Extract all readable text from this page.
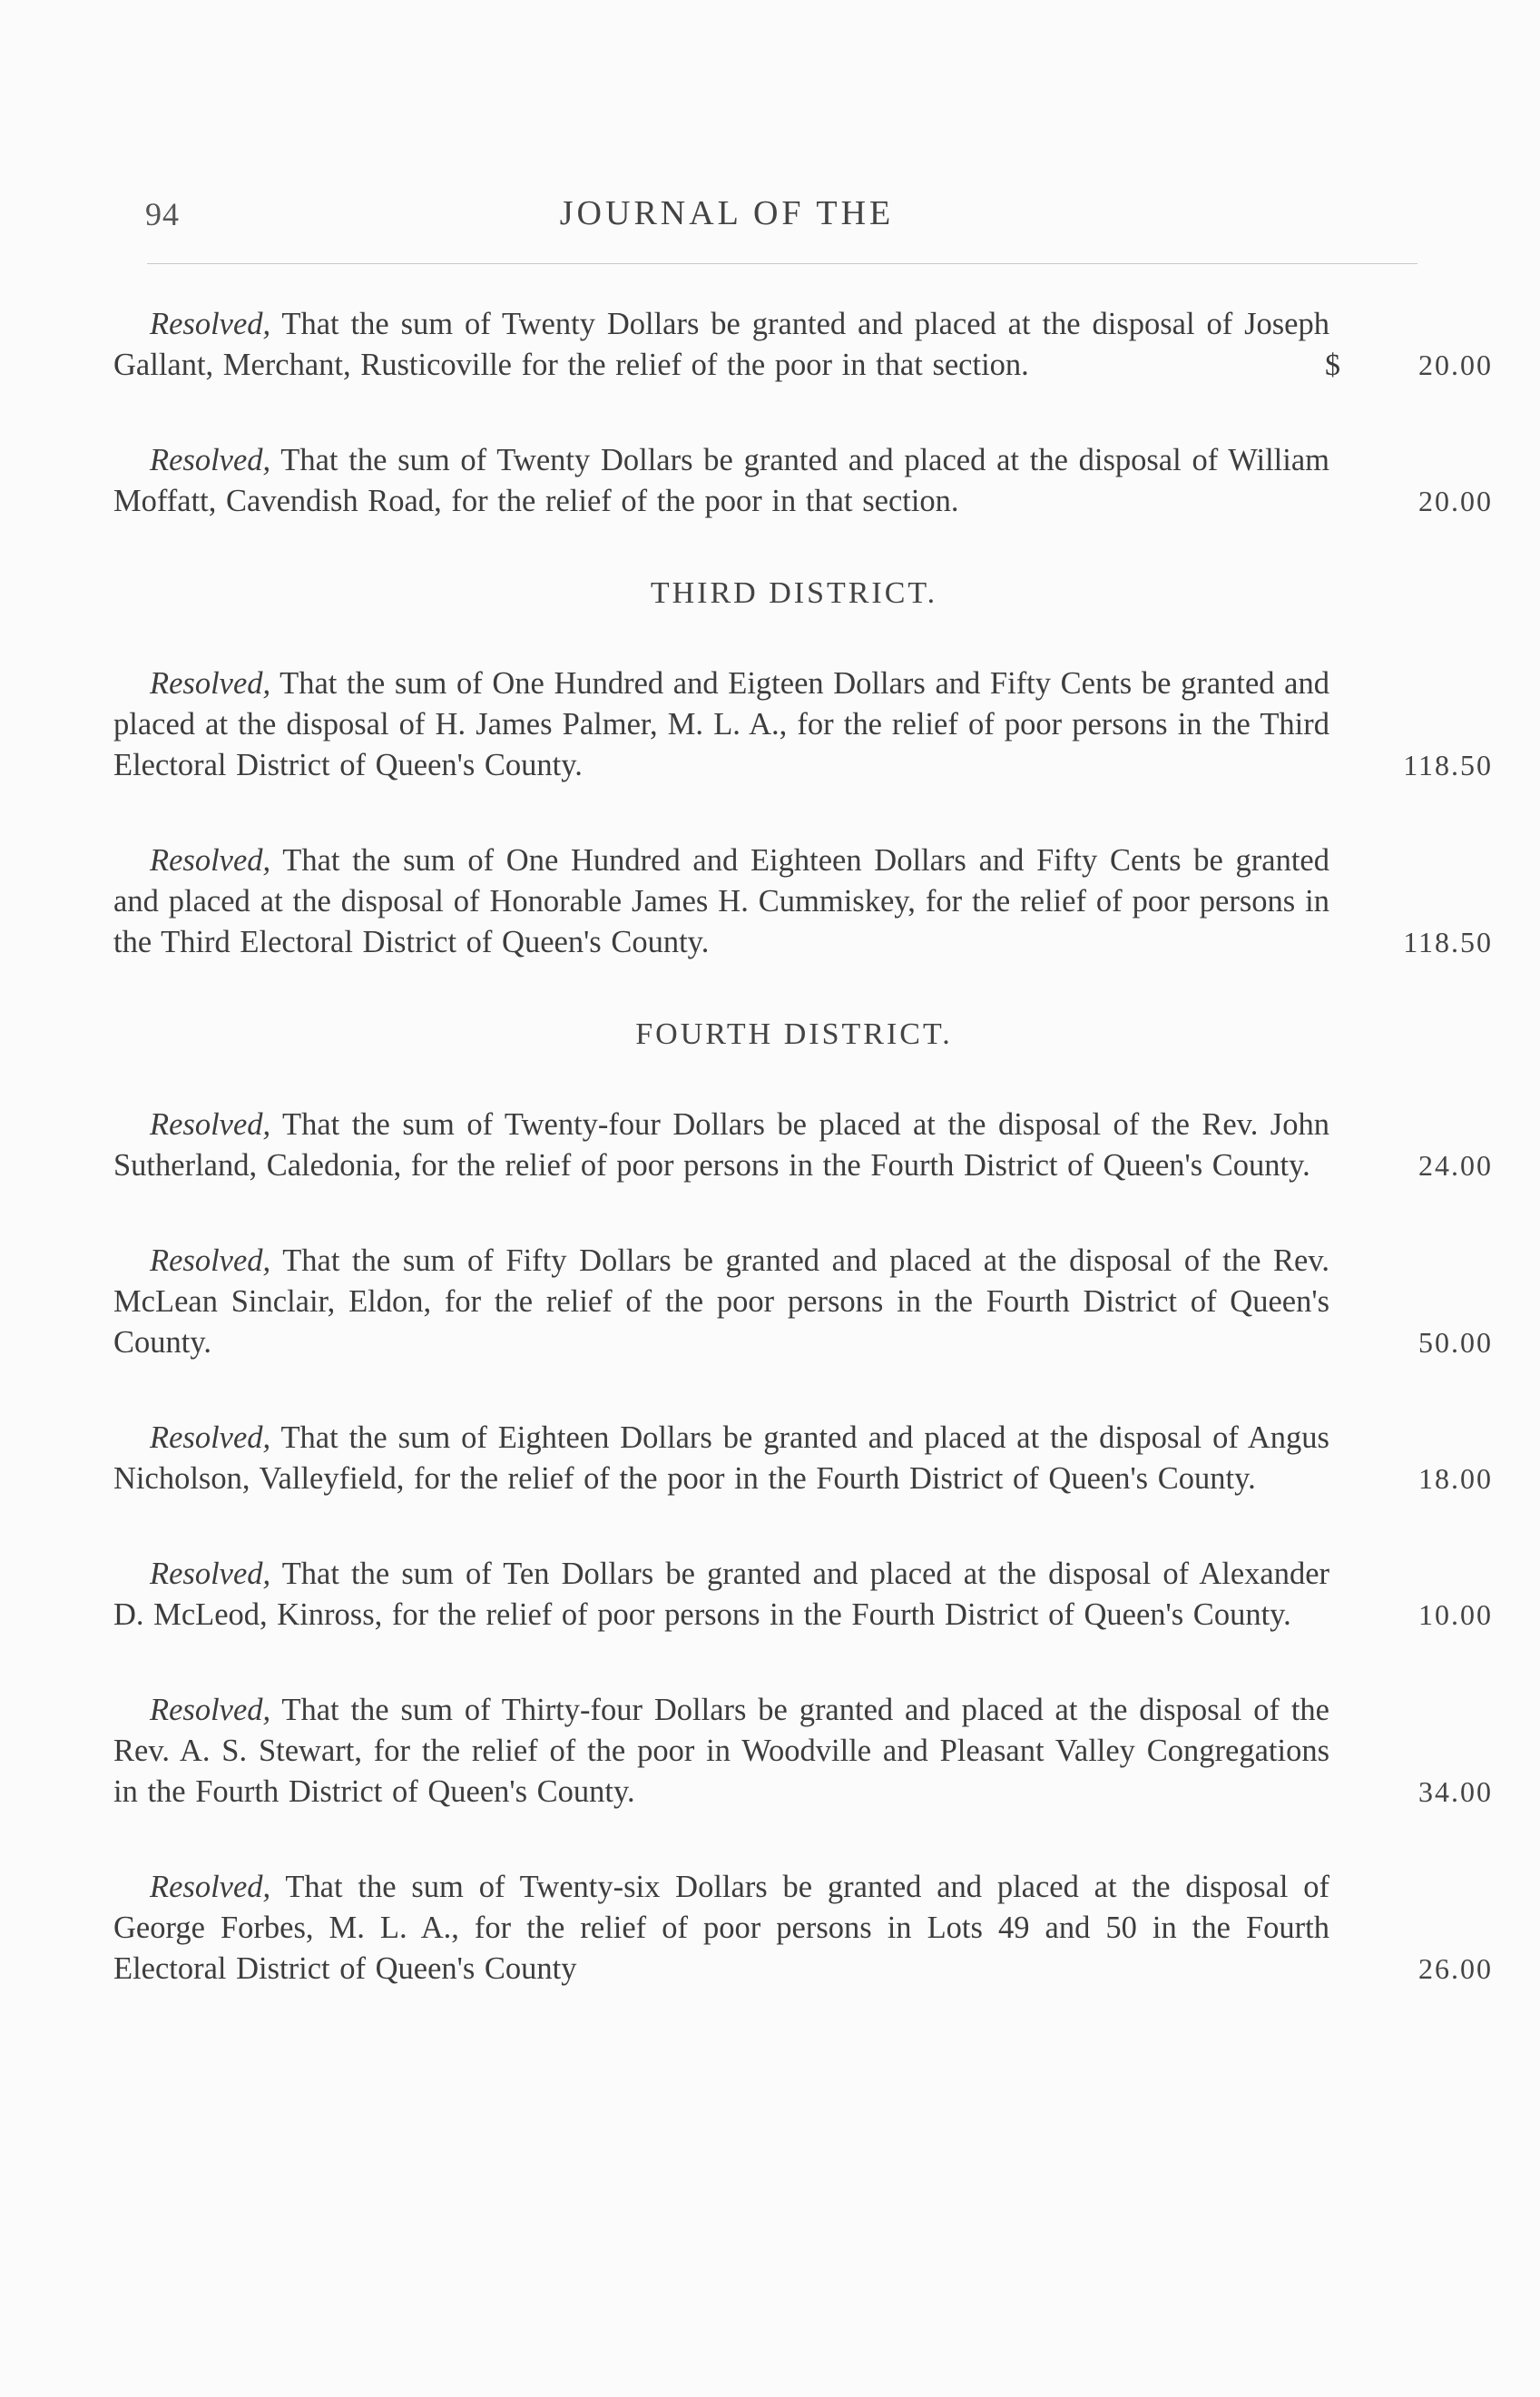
94	JOURNAL OF THE
Resolved, That the sum of Twenty Dollars be granted and placed at the disposal of Joseph Gallant, Merchant, Rusticoville for the relief of the poor in that section.	$	20.00
Resolved, That the sum of Twenty Dollars be granted and placed at the disposal of William Moffatt, Cavendish Road, for the relief of the poor in that section.	20.00
THIRD DISTRICT.
Resolved, That the sum of One Hundred and Eigteen Dollars and Fifty Cents be granted and placed at the disposal of H. James Palmer, M. L. A., for the relief of poor persons in the Third Electoral District of Queen's County.	118.50
Resolved, That the sum of One Hundred and Eighteen Dollars and Fifty Cents be granted and placed at the disposal of Honorable James H. Cummiskey, for the relief of poor persons in the Third Electoral District of Queen's County.	118.50
FOURTH DISTRICT.
Resolved, That the sum of Twenty-four Dollars be placed at the disposal of the Rev. John Sutherland, Caledonia, for the relief of poor persons in the Fourth District of Queen's County.	24.00
Resolved, That the sum of Fifty Dollars be granted and placed at the disposal of the Rev. McLean Sinclair, Eldon, for the relief of the poor persons in the Fourth District of Queen's County.	50.00
Resolved, That the sum of Eighteen Dollars be granted and placed at the disposal of Angus Nicholson, Valleyfield, for the relief of the poor in the Fourth District of Queen's County.	18.00
Resolved, That the sum of Ten Dollars be granted and placed at the disposal of Alexander D. McLeod, Kinross, for the relief of poor persons in the Fourth District of Queen's County.	10.00
Resolved, That the sum of Thirty-four Dollars be granted and placed at the disposal of the Rev. A. S. Stewart, for the relief of the poor in Woodville and Pleasant Valley Congregations in the Fourth District of Queen's County.	34.00
Resolved, That the sum of Twenty-six Dollars be granted and placed at the disposal of George Forbes, M. L. A., for the relief of poor persons in Lots 49 and 50 in the Fourth Electoral District of Queen's County	26.00
